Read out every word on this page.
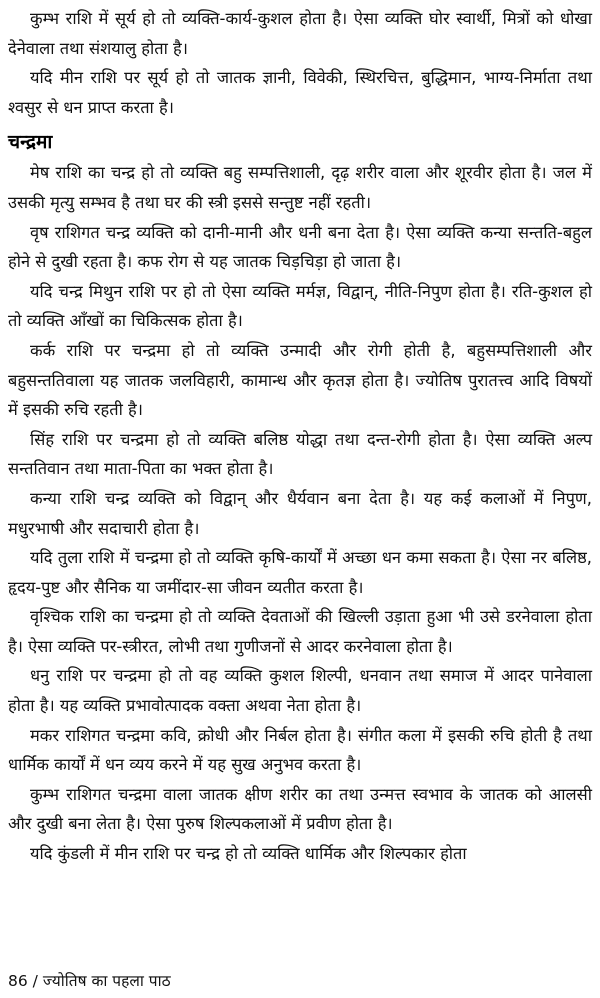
कुम्भ राशि में सूर्य हो तो व्यक्ति-कार्य-कुशल होता है। ऐसा व्यक्ति घोर स्वार्थी, मित्रों को धोखा देनेवाला तथा संशयालु होता है।

यदि मीन राशि पर सूर्य हो तो जातक ज्ञानी, विवेकी, स्थिरचित्त, बुद्धिमान, भाग्य-निर्माता तथा श्वसुर से धन प्राप्त करता है।

चन्द्रमा

मेष राशि का चन्द्र हो तो व्यक्ति बहु सम्पत्तिशाली, दृढ़ शरीर वाला और शूरवीर होता है। जल में उसकी मृत्यु सम्भव है तथा घर की स्त्री इससे सन्तुष्ट नहीं रहती।

वृष राशिगत चन्द्र व्यक्ति को दानी-मानी और धनी बना देता है। ऐसा व्यक्ति कन्या सन्तति-बहुल होने से दुखी रहता है। कफ रोग से यह जातक चिड़चिड़ा हो जाता है।

यदि चन्द्र मिथुन राशि पर हो तो ऐसा व्यक्ति मर्मज्ञ, विद्वान्, नीति-निपुण होता है। रति-कुशल हो तो व्यक्ति आँखों का चिकित्सक होता है।

कर्क राशि पर चन्द्रमा हो तो व्यक्ति उन्मादी और रोगी होती है, बहुसम्पत्तिशाली और बहुसन्ततिवाला यह जातक जलविहारी, कामान्ध और कृतज्ञ होता है। ज्योतिष पुरातत्त्व आदि विषयों में इसकी रुचि रहती है।

सिंह राशि पर चन्द्रमा हो तो व्यक्ति बलिष्ठ योद्धा तथा दन्त-रोगी होता है। ऐसा व्यक्ति अल्प सन्ततिवान तथा माता-पिता का भक्त होता है।

कन्या राशि चन्द्र व्यक्ति को विद्वान् और धैर्यवान बना देता है। यह कई कलाओं में निपुण, मधुरभाषी और सदाचारी होता है।

यदि तुला राशि में चन्द्रमा हो तो व्यक्ति कृषि-कार्यों में अच्छा धन कमा सकता है। ऐसा नर बलिष्ठ, हृदय-पुष्ट और सैनिक या जमींदार-सा जीवन व्यतीत करता है।

वृश्चिक राशि का चन्द्रमा हो तो व्यक्ति देवताओं की खिल्ली उड़ाता हुआ भी उसे डरनेवाला होता है। ऐसा व्यक्ति पर-स्त्रीरत, लोभी तथा गुणीजनों से आदर करनेवाला होता है।

धनु राशि पर चन्द्रमा हो तो वह व्यक्ति कुशल शिल्पी, धनवान तथा समाज में आदर पानेवाला होता है। यह व्यक्ति प्रभावोत्पादक वक्ता अथवा नेता होता है।

मकर राशिगत चन्द्रमा कवि, क्रोधी और निर्बल होता है। संगीत कला में इसकी रुचि होती है तथा धार्मिक कार्यों में धन व्यय करने में यह सुख अनुभव करता है।

कुम्भ राशिगत चन्द्रमा वाला जातक क्षीण शरीर का तथा उन्मत्त स्वभाव के जातक को आलसी और दुखी बना लेता है। ऐसा पुरुष शिल्पकलाओं में प्रवीण होता है।

यदि कुंडली में मीन राशि पर चन्द्र हो तो व्यक्ति धार्मिक और शिल्पकार होता

86 / ज्योतिष का पहला पाठ
